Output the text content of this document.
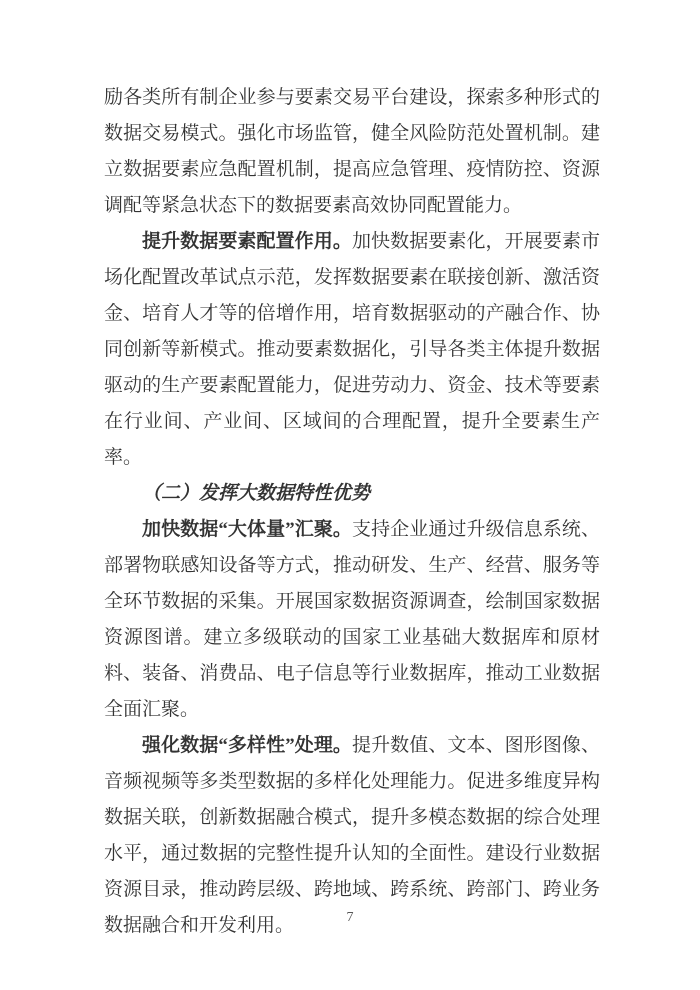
励各类所有制企业参与要素交易平台建设，探索多种形式的数据交易模式。强化市场监管，健全风险防范处置机制。建立数据要素应急配置机制，提高应急管理、疫情防控、资源调配等紧急状态下的数据要素高效协同配置能力。

提升数据要素配置作用。加快数据要素化，开展要素市场化配置改革试点示范，发挥数据要素在联接创新、激活资金、培育人才等的倍增作用，培育数据驱动的产融合作、协同创新等新模式。推动要素数据化，引导各类主体提升数据驱动的生产要素配置能力，促进劳动力、资金、技术等要素在行业间、产业间、区域间的合理配置，提升全要素生产率。

（二）发挥大数据特性优势

加快数据“大体量”汇聚。支持企业通过升级信息系统、部署物联感知设备等方式，推动研发、生产、经营、服务等全环节数据的采集。开展国家数据资源调查，绘制国家数据资源图谱。建立多级联动的国家工业基础大数据库和原材料、装备、消费品、电子信息等行业数据库，推动工业数据全面汇聚。

强化数据“多样性”处理。提升数值、文本、图形图像、音频视频等多类型数据的多样化处理能力。促进多维度异构数据关联，创新数据融合模式，提升多模态数据的综合处理水平，通过数据的完整性提升认知的全面性。建设行业数据资源目录，推动跨层级、跨地域、跨系统、跨部门、跨业务数据融合和开发利用。	7
